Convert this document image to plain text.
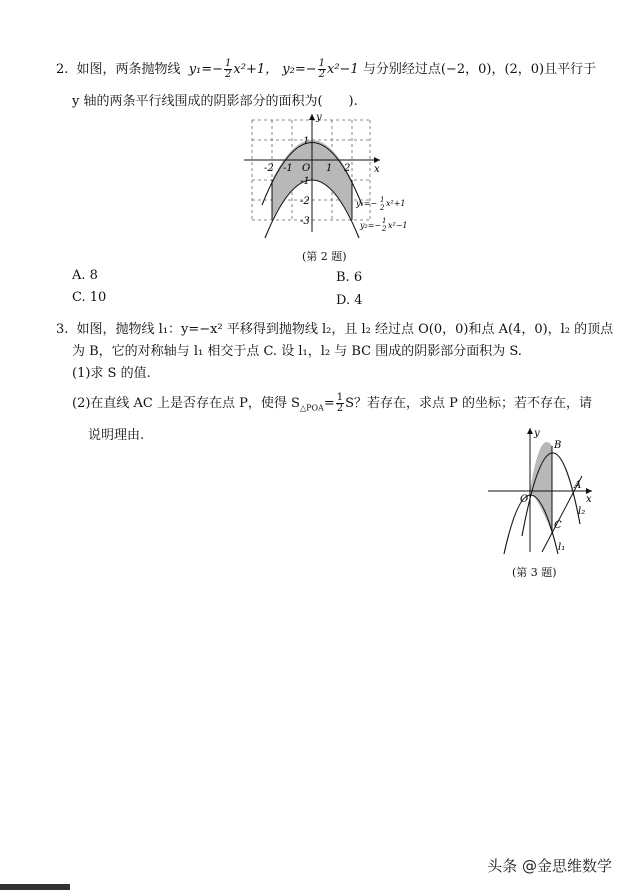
2. 如图，两条抛物线 $y_1=- \frac{1}{2} x^2+1$， $y_2=- \frac{1}{2} x^2-1$ 与分别经过点(−2，0)，(2，0)且平行于
y 轴的两条平行线围成的阴影部分的面积为(　　).
y
x
O
-2 -1	1 2
1
-1
-2
-3
y₁=− 1 2 x²+1
y₂=− 1 2 x²−1
(第 2 题)
A. 8	B. 6
C. 10	D. 4
3. 如图，抛物线 l₁：y=−x² 平移得到抛物线 l₂，且 l₂ 经过点 O(0，0)和点 A(4，0)，l₂ 的顶点
为 B，它的对称轴与 l₁ 相交于点 C. 设 l₁，l₂ 与 BC 围成的阴影部分面积为 S.
(1)求 S 的值.
(2)在直线 AC 上是否存在点 P，使得 $S_{\triangle POA}= \frac{1}{2}$ S？若存在，求点 P 的坐标；若不存在，请
说明理由.	y
x
O
B
A
C
l₂
l₁
(第 3 题)
头条 @金思维数学
